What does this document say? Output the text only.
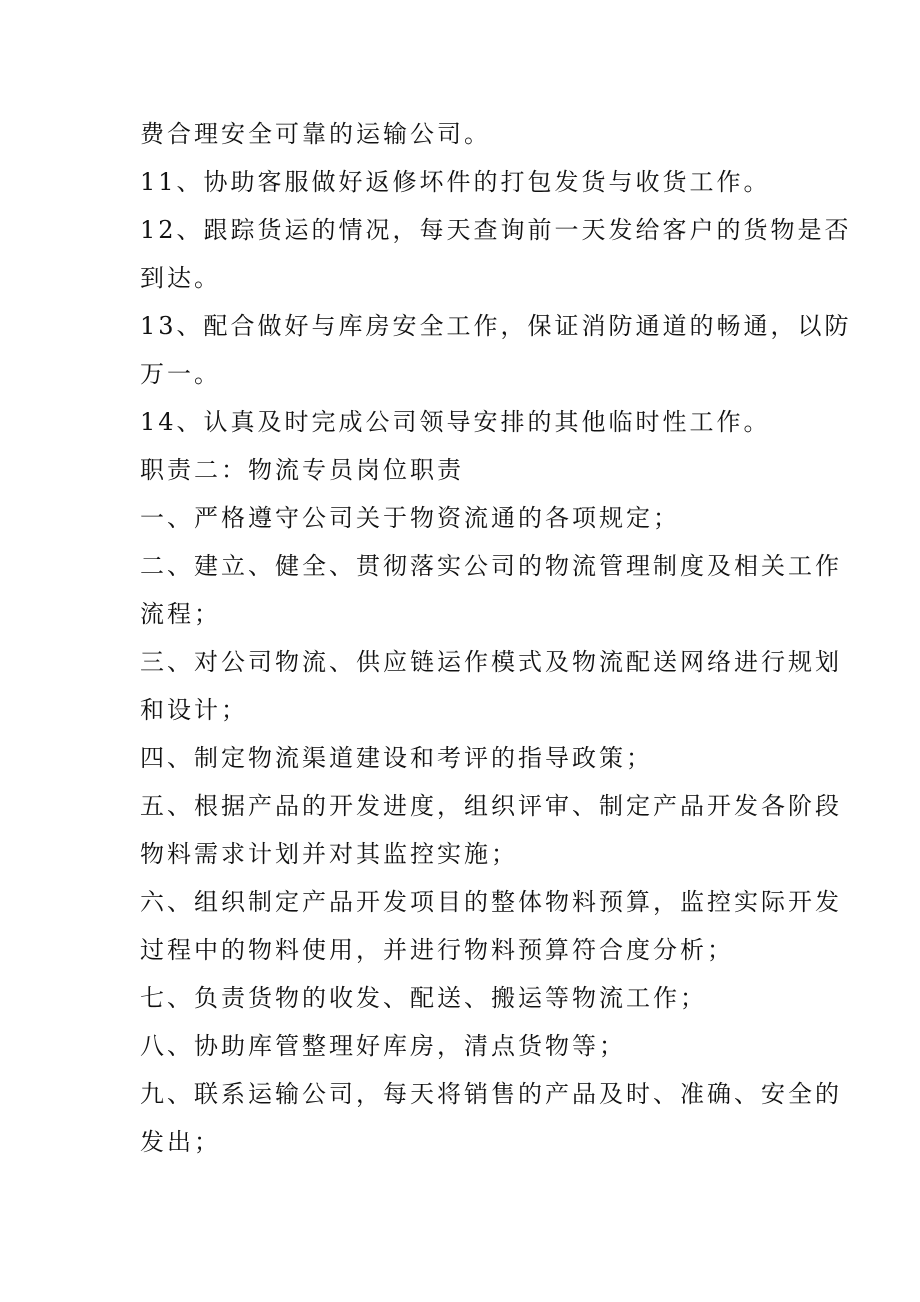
费合理安全可靠的运输公司。
11、协助客服做好返修坏件的打包发货与收货工作。
12、跟踪货运的情况，每天查询前一天发给客户的货物是否
到达。
13、配合做好与库房安全工作，保证消防通道的畅通，以防
万一。
14、认真及时完成公司领导安排的其他临时性工作。
职责二：物流专员岗位职责
一、严格遵守公司关于物资流通的各项规定；
二、建立、健全、贯彻落实公司的物流管理制度及相关工作
流程；
三、对公司物流、供应链运作模式及物流配送网络进行规划
和设计；
四、制定物流渠道建设和考评的指导政策；
五、根据产品的开发进度，组织评审、制定产品开发各阶段
物料需求计划并对其监控实施；
六、组织制定产品开发项目的整体物料预算，监控实际开发
过程中的物料使用，并进行物料预算符合度分析；
七、负责货物的收发、配送、搬运等物流工作；
八、协助库管整理好库房，清点货物等；
九、联系运输公司，每天将销售的产品及时、准确、安全的
发出；
